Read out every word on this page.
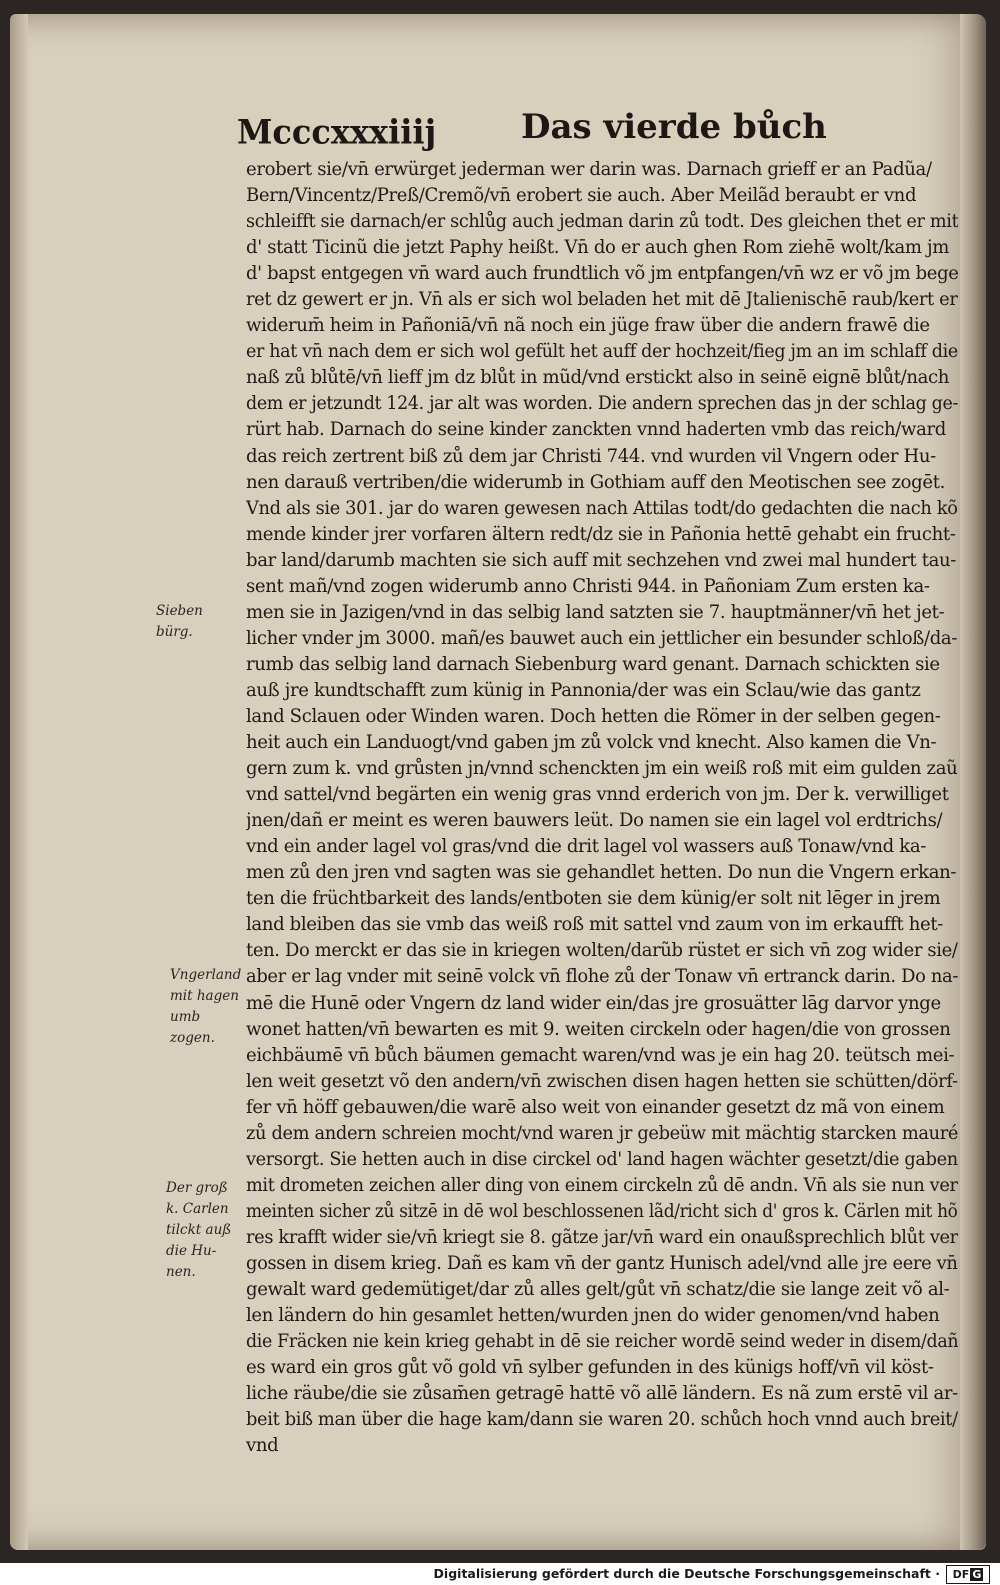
Mcccxxxiiij Das vierde bůch
erobert sie/vn̄ erwürget jederman wer darin was. Darnach grieff er an Padũa/
Bern/Vincentz/Preß/Cremõ/vn̄ erobert sie auch. Aber Meilãd beraubt er vnd
schleifft sie darnach/er schlůg auch jedman darin zů todt. Des gleichen thet er mit
d' statt Ticinũ die jetzt Paphy heißt. Vn̄ do er auch ghen Rom ziehē wolt/kam jm
d' bapst entgegen vn̄ ward auch frundtlich võ jm entpfangen/vn̄ wz er võ jm bege
ret dz gewert er jn. Vn̄ als er sich wol beladen het mit dē Jtalienischē raub/kert er
widerum̄ heim in Pañoniā/vn̄ nã noch ein jüge fraw über die andern frawē die
er hat vn̄ nach dem er sich wol gefült het auff der hochzeit/fieg jm an im schlaff die
naß zů blůtē/vn̄ lieff jm dz blůt in mũd/vnd erstickt also in seinē eignē blůt/nach
dem er jetzundt 124. jar alt was worden. Die andern sprechen das jn der schlag ge-
rürt hab. Darnach do seine kinder zanckten vnnd haderten vmb das reich/ward
das reich zertrent biß zů dem jar Christi 744. vnd wurden vil Vngern oder Hu-
nen darauß vertriben/die widerumb in Gothiam auff den Meotischen see zogēt.
Vnd als sie 301. jar do waren gewesen nach Attilas todt/do gedachten die nach kõ
mende kinder jrer vorfaren ältern redt/dz sie in Pañonia hettē gehabt ein frucht-
bar land/darumb machten sie sich auff mit sechzehen vnd zwei mal hundert tau-
sent mañ/vnd zogen widerumb anno Christi 944. in Pañoniam Zum ersten ka-
men sie in Jazigen/vnd in das selbig land satzten sie 7. hauptmänner/vn̄ het jet-
licher vnder jm 3000. mañ/es bauwet auch ein jettlicher ein besunder schloß/da-
rumb das selbig land darnach Siebenburg ward genant. Darnach schickten sie
auß jre kundtschafft zum künig in Pannonia/der was ein Sclau/wie das gantz
land Sclauen oder Winden waren. Doch hetten die Römer in der selben gegen-
heit auch ein Landuogt/vnd gaben jm zů volck vnd knecht. Also kamen die Vn-
gern zum k. vnd grůsten jn/vnnd schenckten jm ein weiß roß mit eim gulden zaũ
vnd sattel/vnd begärten ein wenig gras vnnd erderich von jm. Der k. verwilliget
jnen/dañ er meint es weren bauwers leüt. Do namen sie ein lagel vol erdtrichs/
vnd ein ander lagel vol gras/vnd die drit lagel vol wassers auß Tonaw/vnd ka-
men zů den jren vnd sagten was sie gehandlet hetten. Do nun die Vngern erkan-
ten die früchtbarkeit des lands/entboten sie dem künig/er solt nit lēger in jrem
land bleiben das sie vmb das weiß roß mit sattel vnd zaum von im erkaufft het-
ten. Do merckt er das sie in kriegen wolten/darũb rüstet er sich vn̄ zog wider sie/
aber er lag vnder mit seinē volck vn̄ flohe zů der Tonaw vn̄ ertranck darin. Do na-
mē die Hunē oder Vngern dz land wider ein/das jre grosuätter lāg darvor ynge
wonet hatten/vn̄ bewarten es mit 9. weiten circkeln oder hagen/die von grossen
eichbäumē vn̄ bůch bäumen gemacht waren/vnd was je ein hag 20. teütsch mei-
len weit gesetzt võ den andern/vn̄ zwischen disen hagen hetten sie schütten/dörf-
fer vn̄ höff gebauwen/die warē also weit von einander gesetzt dz mã von einem
zů dem andern schreien mocht/vnd waren jr gebeüw mit mächtig starcken mauré
versorgt. Sie hetten auch in dise circkel od' land hagen wächter gesetzt/die gaben
mit drometen zeichen aller ding von einem circkeln zů dē andn. Vn̄ als sie nun ver
meinten sicher zů sitzē in dē wol beschlossenen lãd/richt sich d' gros k. Cärlen mit hõ
res krafft wider sie/vn̄ kriegt sie 8. gãtze jar/vn̄ ward ein onaußsprechlich blůt ver
gossen in disem krieg. Dañ es kam vn̄ der gantz Hunisch adel/vnd alle jre eere vn̄
gewalt ward gedemütiget/dar zů alles gelt/gůt vn̄ schatz/die sie lange zeit võ al-
len ländern do hin gesamlet hetten/wurden jnen do wider genomen/vnd haben
die Fräcken nie kein krieg gehabt in dē sie reicher wordē seind weder in disem/dañ
es ward ein gros gůt võ gold vn̄ sylber gefunden in des künigs hoff/vn̄ vil köst-
liche räube/die sie zůsam̄en getragē hattē võ allē ländern. Es nã zum erstē vil ar-
beit biß man über die hage kam/dann sie waren 20. schůch hoch vnnd auch breit/
vnd
Sieben bürg.
Vngerland mit hagen umb zogen.
Der groß k. Carlen tilckt auß die Hu- nen.
Digitalisierung gefördert durch die Deutsche Forschungsgemeinschaft · DF G
